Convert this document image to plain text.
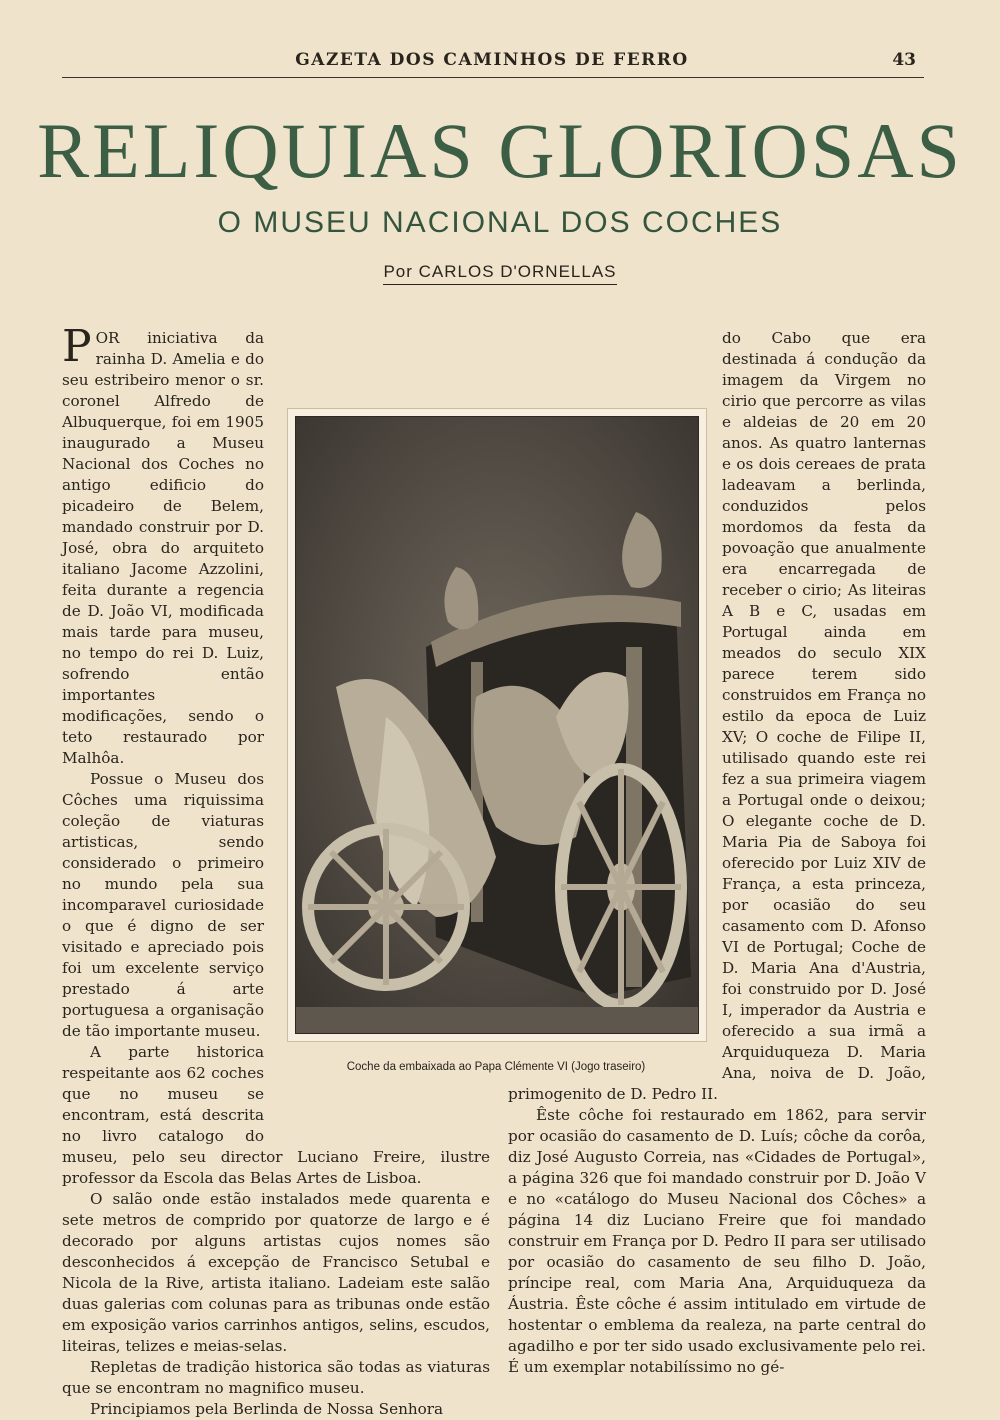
GAZETA DOS CAMINHOS DE FERRO	43
RELIQUIAS GLORIOSAS
O MUSEU NACIONAL DOS COCHES
Por CARLOS D'ORNELLAS

POR iniciativa da rainha D. Amelia e do seu estribeiro menor o sr. coronel Alfredo de Albuquerque, foi em 1905 inaugurado a Museu Nacional dos Coches no antigo edificio do picadeiro de Belem, mandado construir por D. José, obra do arquiteto italiano Jacome Azzolini, feita durante a regencia de D. João VI, modificada mais tarde para museu, no tempo do rei D. Luiz, sofrendo então importantes modificações, sendo o teto restaurado por Malhôa.

Possue o Museu dos Côches uma riquissima coleção de viaturas artisticas, sendo considerado o primeiro no mundo pela sua incomparavel curiosidade o que é digno de ser visitado e apreciado pois foi um excelente serviço prestado á arte portuguesa a organisação de tão importante museu.

A parte historica respeitante aos 62 coches que no museu se encontram, está descrita no livro catalogo do museu, pelo seu director Luciano Freire, ilustre professor da Escola das Belas Artes de Lisboa.

O salão onde estão instalados mede quarenta e sete metros de comprido por quatorze de largo e é decorado por alguns artistas cujos nomes são desconhecidos á excepção de Francisco Setubal e Nicola de la Rive, artista italiano. Ladeiam este salão duas galerias com colunas para as tribunas onde estão em exposição varios carrinhos antigos, selins, escudos, liteiras, telizes e meias-selas.

Repletas de tradição historica são todas as viaturas que se encontram no magnifico museu.

Principiamos pela Berlinda de Nossa Senhora

do Cabo que era destinada á condução da imagem da Virgem no cirio que percorre as vilas e aldeias de 20 em 20 anos. As quatro lanternas e os dois cereaes de prata ladeavam a berlinda, conduzidos pelos mordomos da festa da povoação que anualmente era encarregada de receber o cirio; As liteiras A B e C, usadas em Portugal ainda em meados do seculo XIX parece terem sido construidos em França no estilo da epoca de Luiz XV; O coche de Filipe II, utilisado quando este rei fez a sua primeira viagem a Portugal onde o deixou; O elegante coche de D. Maria Pia de Saboya foi oferecido por Luiz XIV de França, a esta princeza, por ocasião do seu casamento com D. Afonso VI de Portugal; Coche de D. Maria Ana d'Austria, foi construido por D. José I, imperador da Austria e oferecido a sua irmã a Arquiduqueza D. Maria Ana, noiva de D. João, primogenito de D. Pedro II.

Êste côche foi restaurado em 1862, para servir por ocasião do casamento de D. Luís; côche da corôa, diz José Augusto Correia, nas «Cidades de Portugal», a página 326 que foi mandado construir por D. João V e no «catálogo do Museu Nacional dos Côches» a página 14 diz Luciano Freire que foi mandado construir em França por D. Pedro II para ser utilisado por ocasião do casamento de seu filho D. João, príncipe real, com Maria Ana, Arquiduqueza da Áustria. Êste côche é assim intitulado em virtude de hostentar o emblema da realeza, na parte central do agadilho e por ter sido usado exclusivamente pelo rei. É um exemplar notabilíssimo no gé-

Coche da embaixada ao Papa Clémente VI (Jogo traseiro)
